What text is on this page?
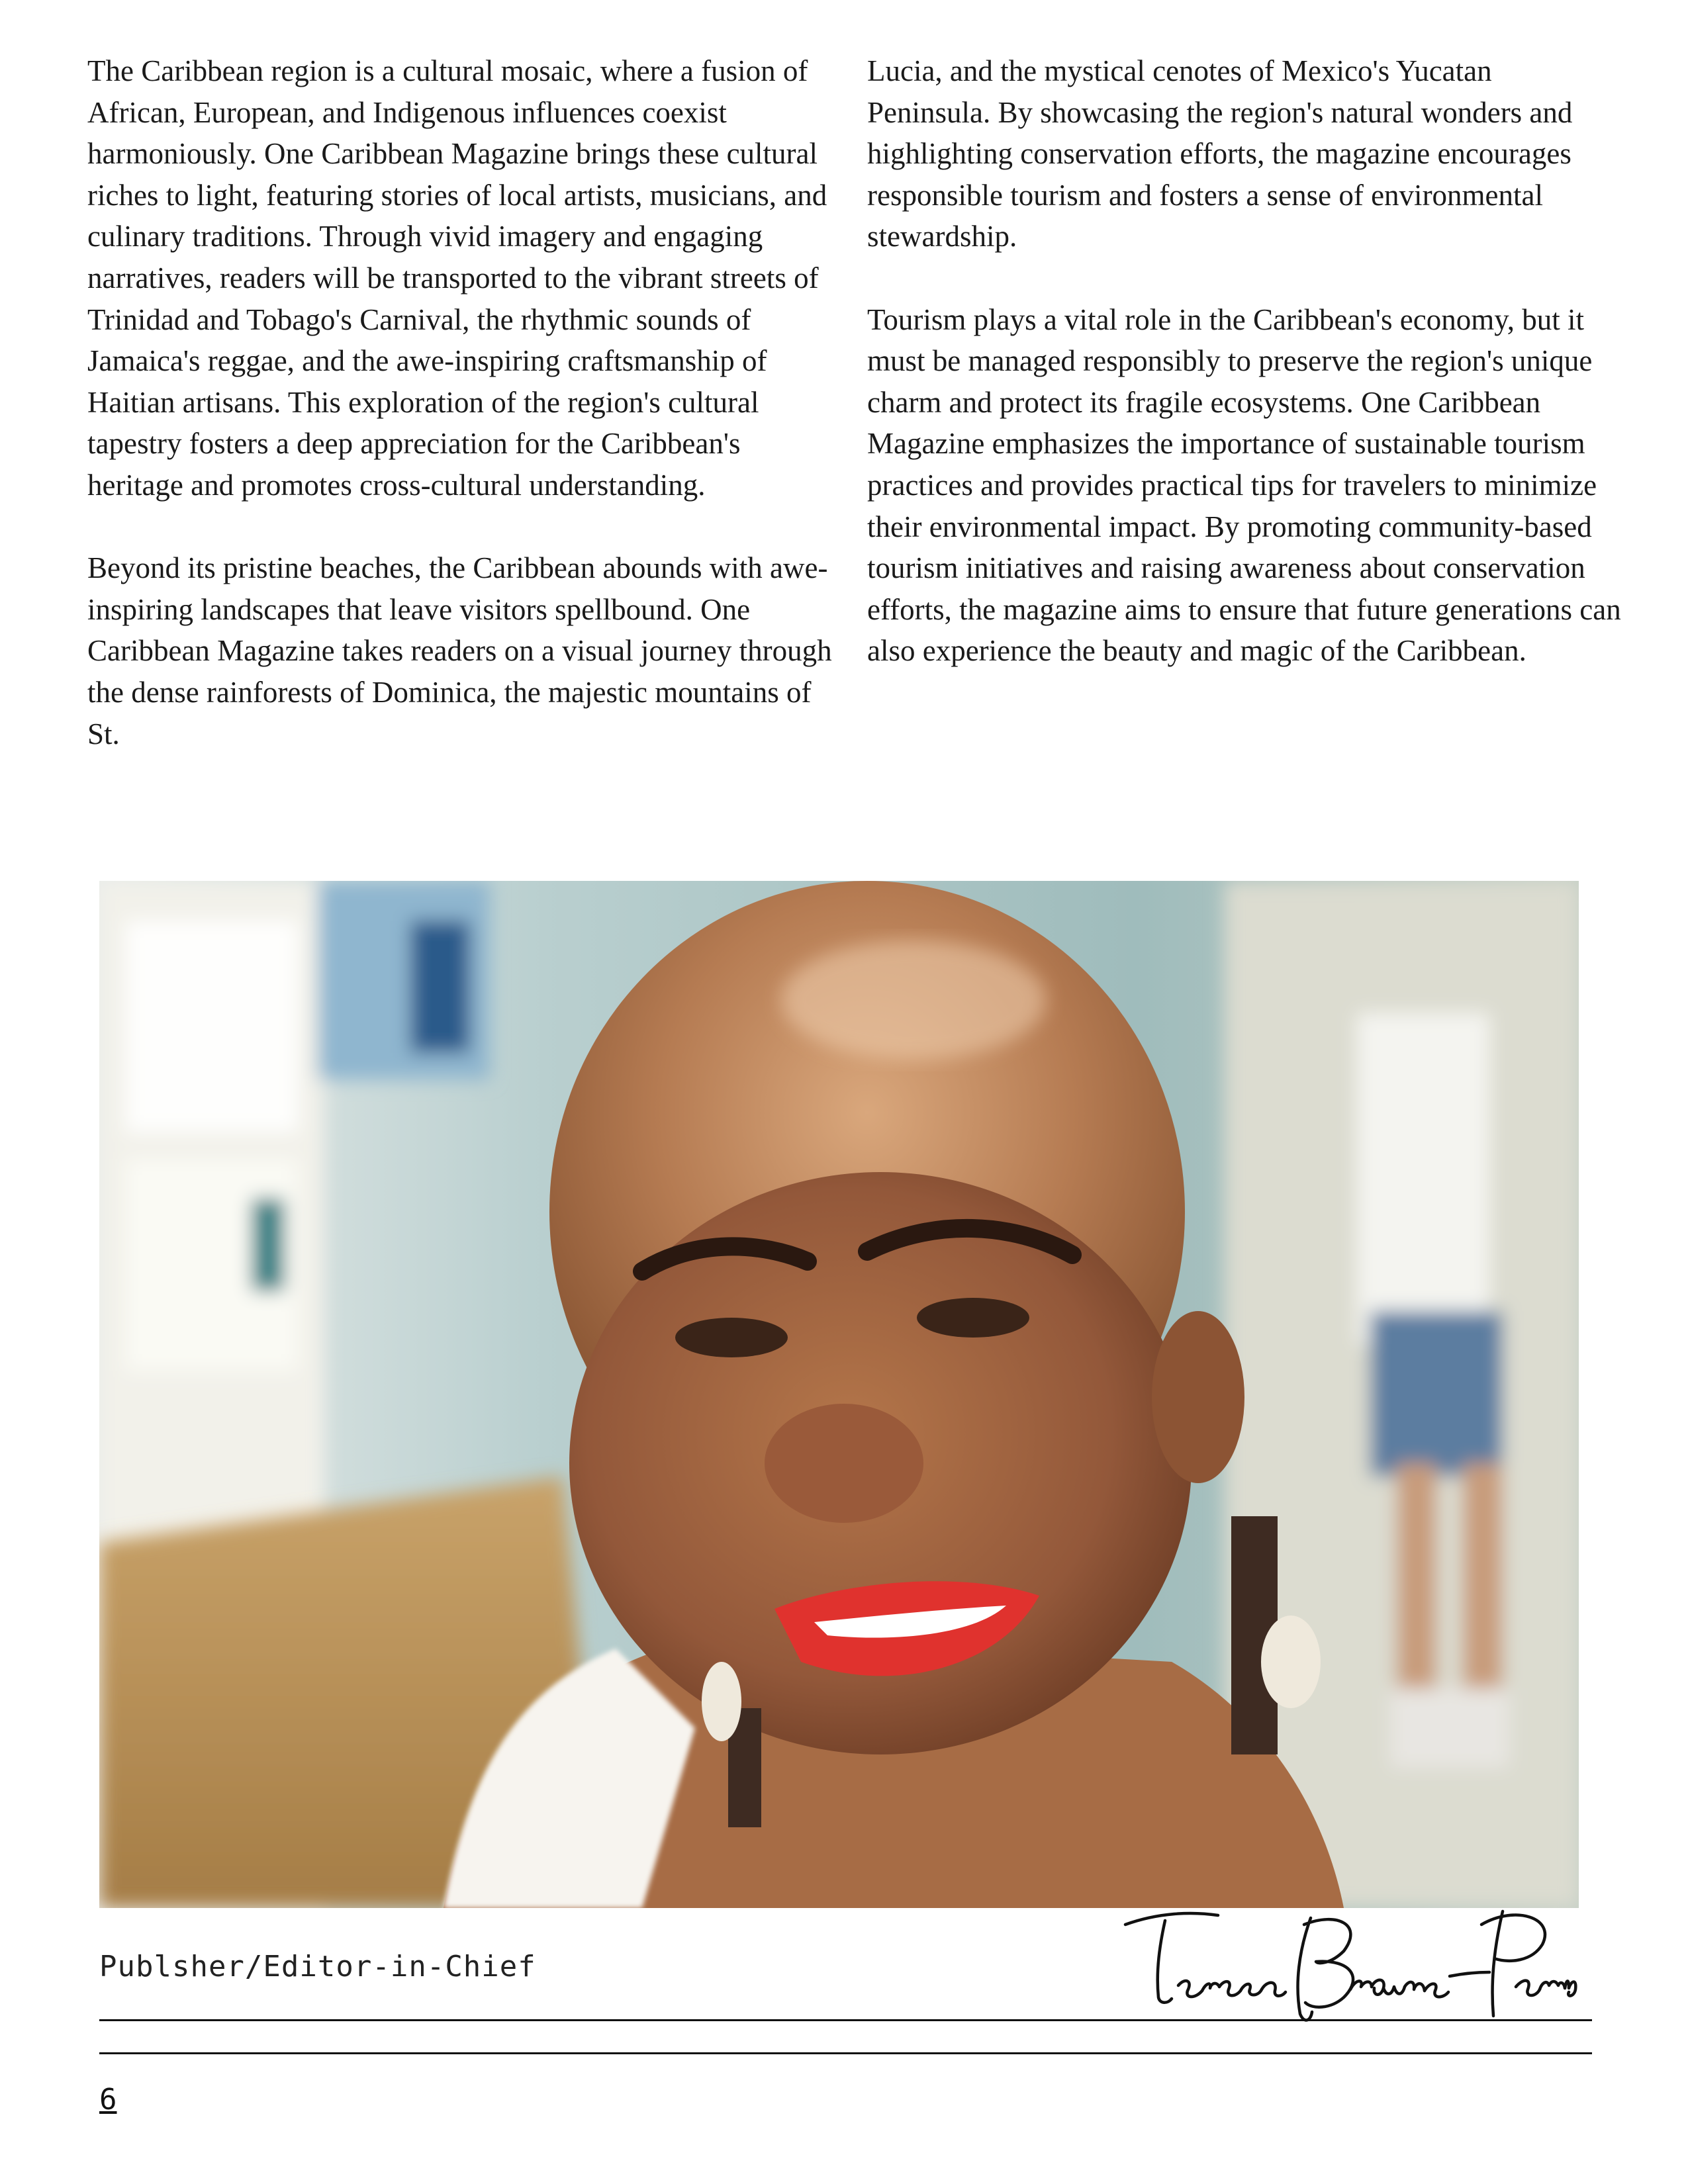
The Caribbean region is a cultural mosaic, where a fusion of African, European, and Indigenous influences coexist harmoniously. One Caribbean Magazine brings these cultural riches to light, featuring stories of local artists, musicians, and culinary traditions. Through vivid imagery and engaging narratives, readers will be transported to the vibrant streets of Trinidad and Tobago's Carnival, the rhythmic sounds of Jamaica's reggae, and the awe-inspiring craftsmanship of Haitian artisans. This exploration of the region's cultural tapestry fosters a deep appreciation for the Caribbean's heritage and promotes cross-cultural understanding.

Beyond its pristine beaches, the Caribbean abounds with awe-inspiring landscapes that leave visitors spellbound. One Caribbean Magazine takes readers on a visual journey through the dense rainforests of Dominica, the majestic mountains of St.

Lucia, and the mystical cenotes of Mexico's Yucatan Peninsula. By showcasing the region's natural wonders and highlighting conservation efforts, the magazine encourages responsible tourism and fosters a sense of environmental stewardship.

Tourism plays a vital role in the Caribbean's economy, but it must be managed responsibly to preserve the region's unique charm and protect its fragile ecosystems. One Caribbean Magazine emphasizes the importance of sustainable tourism practices and provides practical tips for travelers to minimize their environmental impact. By promoting community-based tourism initiatives and raising awareness about conservation efforts, the magazine aims to ensure that future generations can also experience the beauty and magic of the Caribbean.

Publsher/Editor-in-Chief
6
